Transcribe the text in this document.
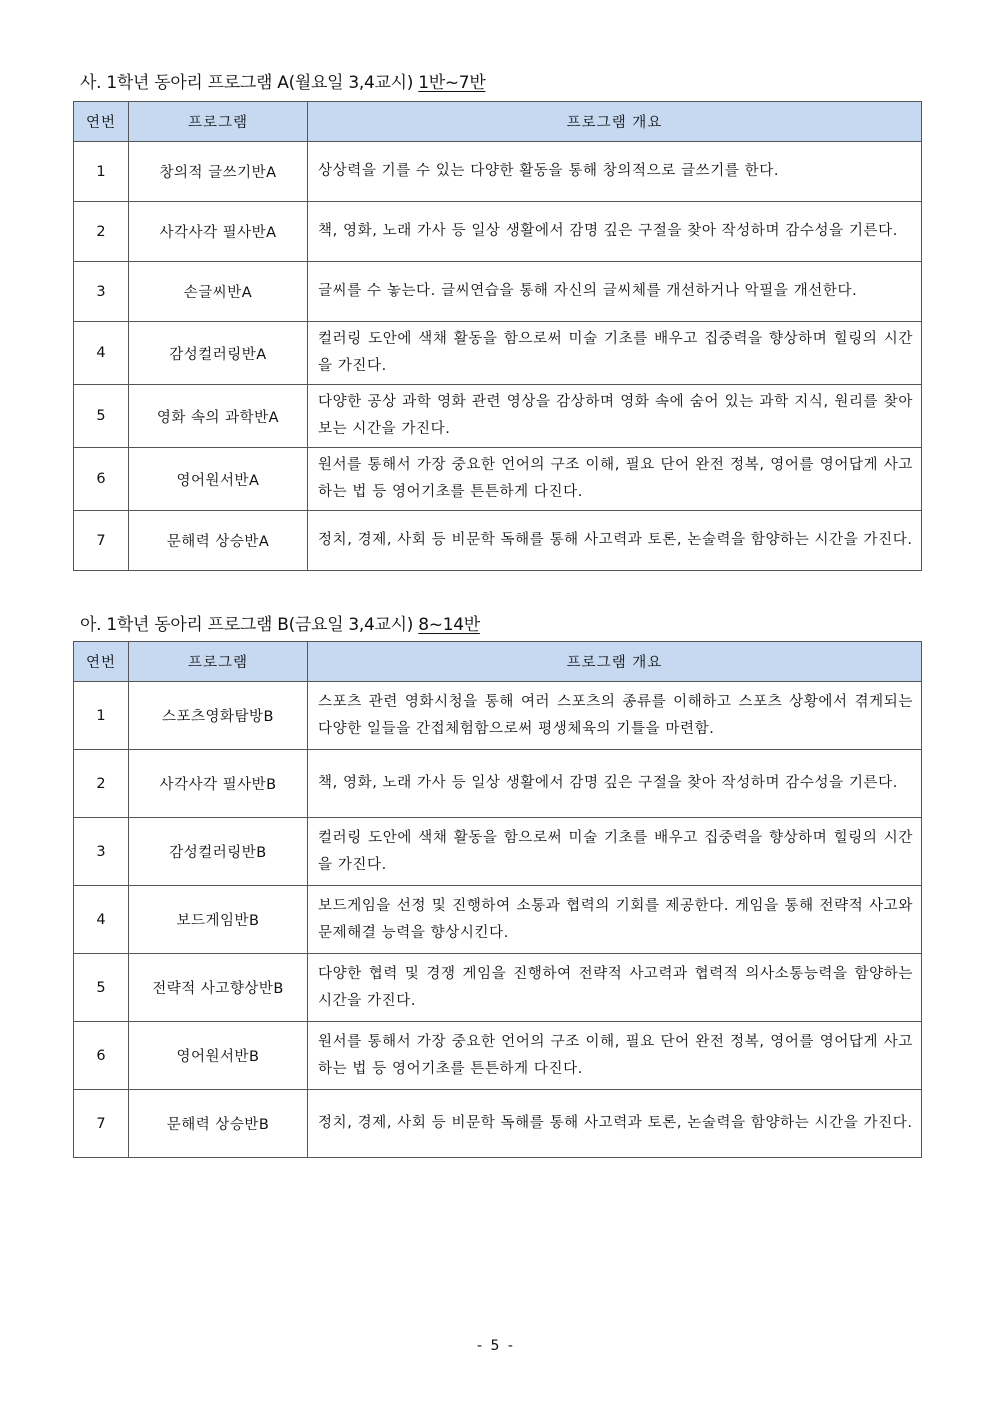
사. 1학년 동아리 프로그램 A(월요일 3,4교시) 1반~7반
연번	프로그램	프로그램 개요
1	창의적 글쓰기반A	상상력을 기를 수 있는 다양한 활동을 통해 창의적으로 글쓰기를 한다.
2	사각사각 필사반A	책, 영화, 노래 가사 등 일상 생활에서 감명 깊은 구절을 찾아 작성하며 감수성을 기른다.
3	손글씨반A	글씨를 수 놓는다. 글씨연습을 통해 자신의 글씨체를 개선하거나 악필을 개선한다.
4	감성컬러링반A	컬러링 도안에 색채 활동을 함으로써 미술 기초를 배우고 집중력을 향상하며 힐링의 시간을 가진다.
5	영화 속의 과학반A	다양한 공상 과학 영화 관련 영상을 감상하며 영화 속에 숨어 있는 과학 지식, 원리를 찾아보는 시간을 가진다.
6	영어원서반A	원서를 통해서 가장 중요한 언어의 구조 이해, 필요 단어 완전 정복, 영어를 영어답게 사고하는 법 등 영어기초를 튼튼하게 다진다.
7	문해력 상승반A	정치, 경제, 사회 등 비문학 독해를 통해 사고력과 토론, 논술력을 함양하는 시간을 가진다.
아. 1학년 동아리 프로그램 B(금요일 3,4교시) 8~14반
연번	프로그램	프로그램 개요
1	스포츠영화탐방B	스포츠 관련 영화시청을 통해 여러 스포츠의 종류를 이해하고 스포츠 상황에서 겪게되는 다양한 일들을 간접체험함으로써 평생체육의 기틀을 마련함.
2	사각사각 필사반B	책, 영화, 노래 가사 등 일상 생활에서 감명 깊은 구절을 찾아 작성하며 감수성을 기른다.
3	감성컬러링반B	컬러링 도안에 색채 활동을 함으로써 미술 기초를 배우고 집중력을 향상하며 힐링의 시간을 가진다.
4	보드게임반B	보드게임을 선정 및 진행하여 소통과 협력의 기회를 제공한다. 게임을 통해 전략적 사고와 문제해결 능력을 향상시킨다.
5	전략적 사고향상반B	다양한 협력 및 경쟁 게임을 진행하여 전략적 사고력과 협력적 의사소통능력을 함양하는 시간을 가진다.
6	영어원서반B	원서를 통해서 가장 중요한 언어의 구조 이해, 필요 단어 완전 정복, 영어를 영어답게 사고하는 법 등 영어기초를 튼튼하게 다진다.
7	문해력 상승반B	정치, 경제, 사회 등 비문학 독해를 통해 사고력과 토론, 논술력을 함양하는 시간을 가진다.
- 5 -
